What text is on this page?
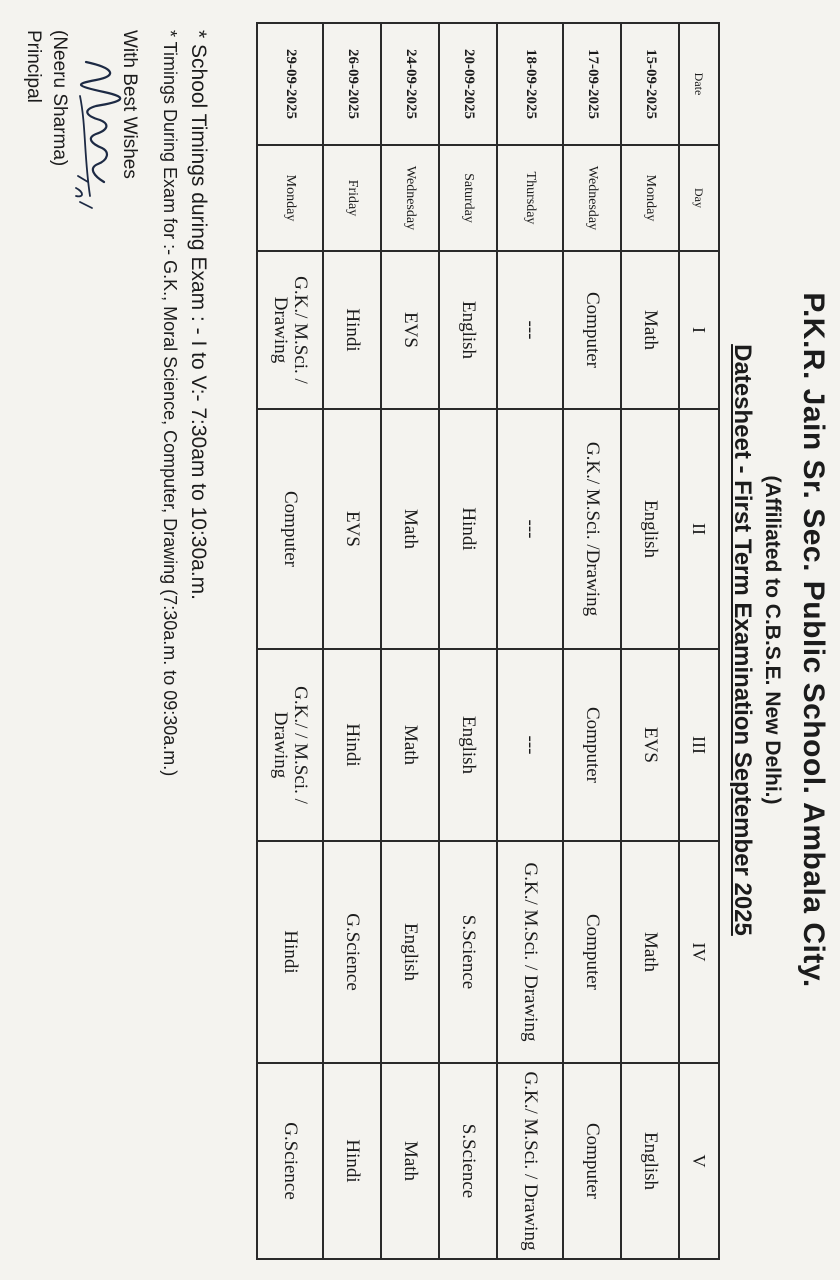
P.K.R. Jain Sr. Sec. Public School. Ambala City.
(Affiliated to C.B.S.E. New Delhi.)
Datesheet - First Term Examination September 2025
Date	Day	I	II	III	IV	V
15-09-2025	Monday	Math	English	EVS	Math	English
17-09-2025	Wednesday	Computer	G.K./ M.Sci. /Drawing	Computer	Computer	Computer
18-09-2025	Thursday	---	---	---	G.K./ M.Sci. / Drawing	G.K./ M.Sci. / Drawing
20-09-2025	Saturday	English	Hindi	English	S.Science	S.Science
24-09-2025	Wednesday	EVS	Math	Math	English	Math
26-09-2025	Friday	Hindi	EVS	Hindi	G.Science	Hindi
29-09-2025	Monday	G.K./ M.Sci. / Drawing	Computer	G.K./ / M.Sci. / Drawing	Hindi	G.Science

* School Timings during Exam : - I to V:- 7:30am to 10:30a.m.

* Timings During Exam for :- G.K., Moral Science, Computer, Drawing (7:30a.m. to 09:30a.m.)

With Best Wishes

(Neeru Sharma)

Principal
